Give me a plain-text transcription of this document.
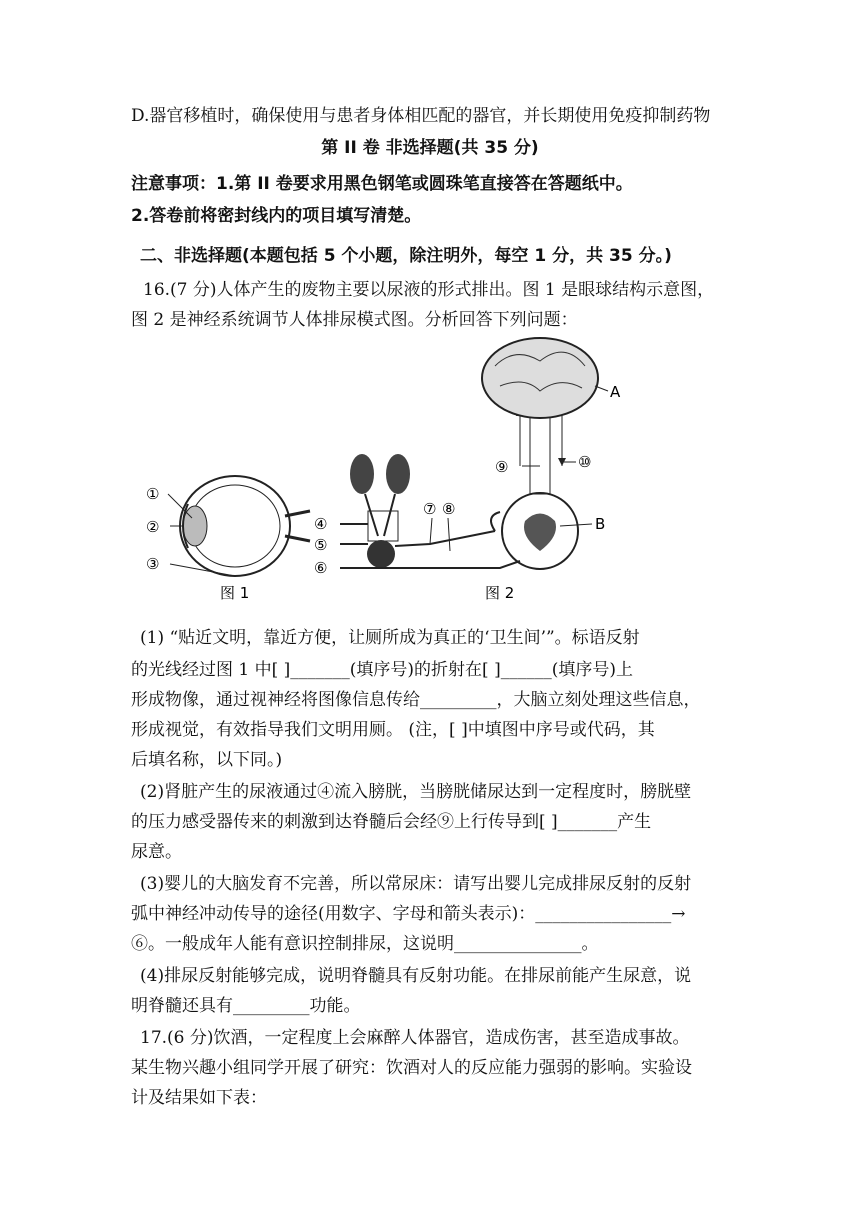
D.器官移植时，确保使用与患者身体相匹配的器官，并长期使用免疫抑制药物
第 II 卷 非选择题(共 35 分)
注意事项：1.第 II 卷要求用黑色钢笔或圆珠笔直接答在答题纸中。
2.答卷前将密封线内的项目填写清楚。
二、非选择题(本题包括 5 个小题，除注明外，每空 1 分，共 35 分。)
16.(7 分)人体产生的废物主要以尿液的形式排出。图 1 是眼球结构示意图，
图 2 是神经系统调节人体排尿模式图。分析回答下列问题：
①
②
③
图 1
④
⑤
⑥
⑦ ⑧
⑨	⑩
A
B
图 2
(1) “贴近文明，靠近方便，让厕所成为真正的‘卫生间’”。标语反射
的光线经过图 1 中[ ]_______(填序号)的折射在[ ]______(填序号)上
形成物像，通过视神经将图像信息传给_________，大脑立刻处理这些信息，
形成视觉，有效指导我们文明用厕。 (注，[ ]中填图中序号或代码，其
后填名称，以下同。)
(2)肾脏产生的尿液通过④流入膀胱，当膀胱储尿达到一定程度时，膀胱壁
的压力感受器传来的刺激到达脊髓后会经⑨上行传导到[ ]_______产生
尿意。
(3)婴儿的大脑发育不完善，所以常尿床：请写出婴儿完成排尿反射的反射
弧中神经冲动传导的途径(用数字、字母和箭头表示)：________________→
⑥。一般成年人能有意识控制排尿，这说明_______________。
(4)排尿反射能够完成，说明脊髓具有反射功能。在排尿前能产生尿意，说
明脊髓还具有_________功能。
17.(6 分)饮酒，一定程度上会麻醉人体器官，造成伤害，甚至造成事故。
某生物兴趣小组同学开展了研究：饮酒对人的反应能力强弱的影响。实验设
计及结果如下表：
